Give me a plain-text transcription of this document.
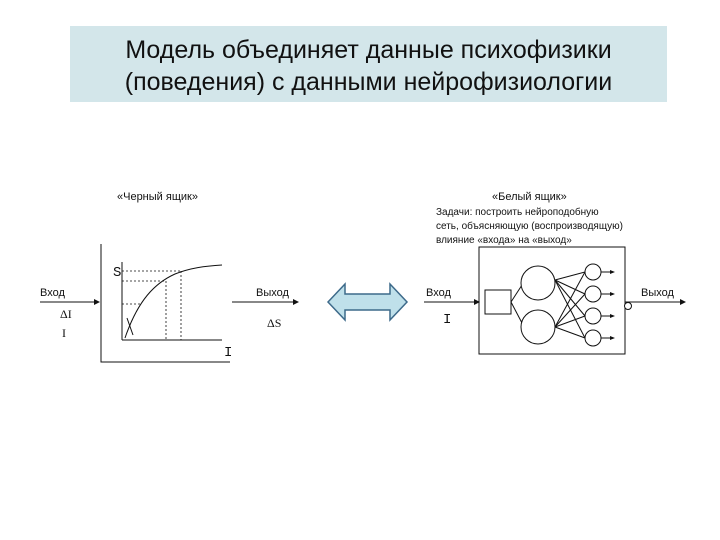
Модель объединяет данные психофизики
(поведения) с данными нейрофизиологии
«Черный ящик»
Вход
ΔI
I
Выход
ΔS
S
I
«Белый ящик»
Задачи: построить нейроподобную
сеть, объясняющую (воспроизводящую)
влияние «входа» на «выход»
Вход
I
Выход
